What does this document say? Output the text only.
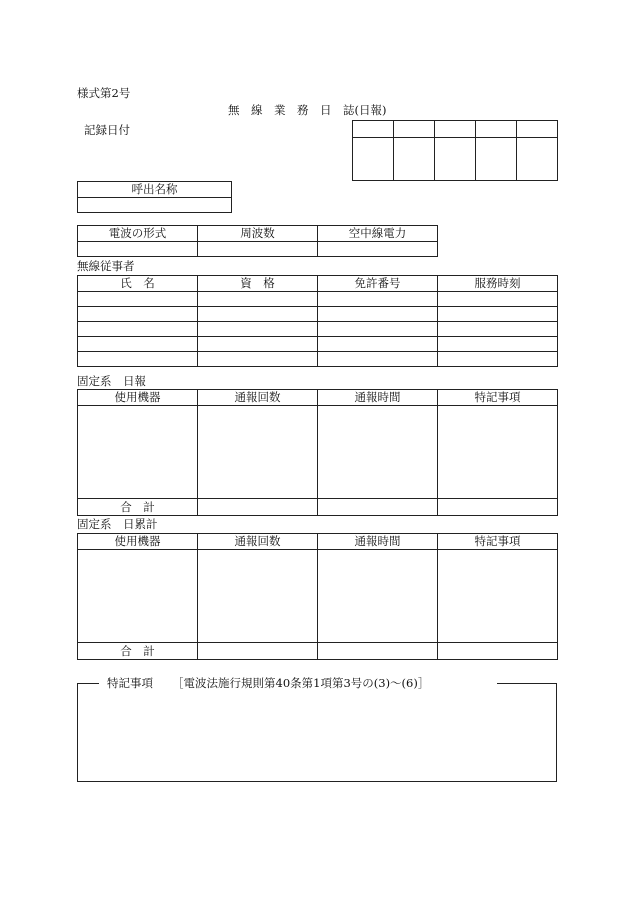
様式第2号
無　線　業　務　日　誌(日報)
記録日付

呼出名称

電波の形式	周波数	空中線電力

無線従事者
氏　名	資　格	免許番号	服務時刻

固定系　日報
使用機器	通報回数	通報時間	特記事項

合　計			
固定系　日累計
使用機器	通報回数	通報時間	特記事項

合　計			
特記事項 ［電波法施行規則第40条第1項第3号の(3)～(6)］
